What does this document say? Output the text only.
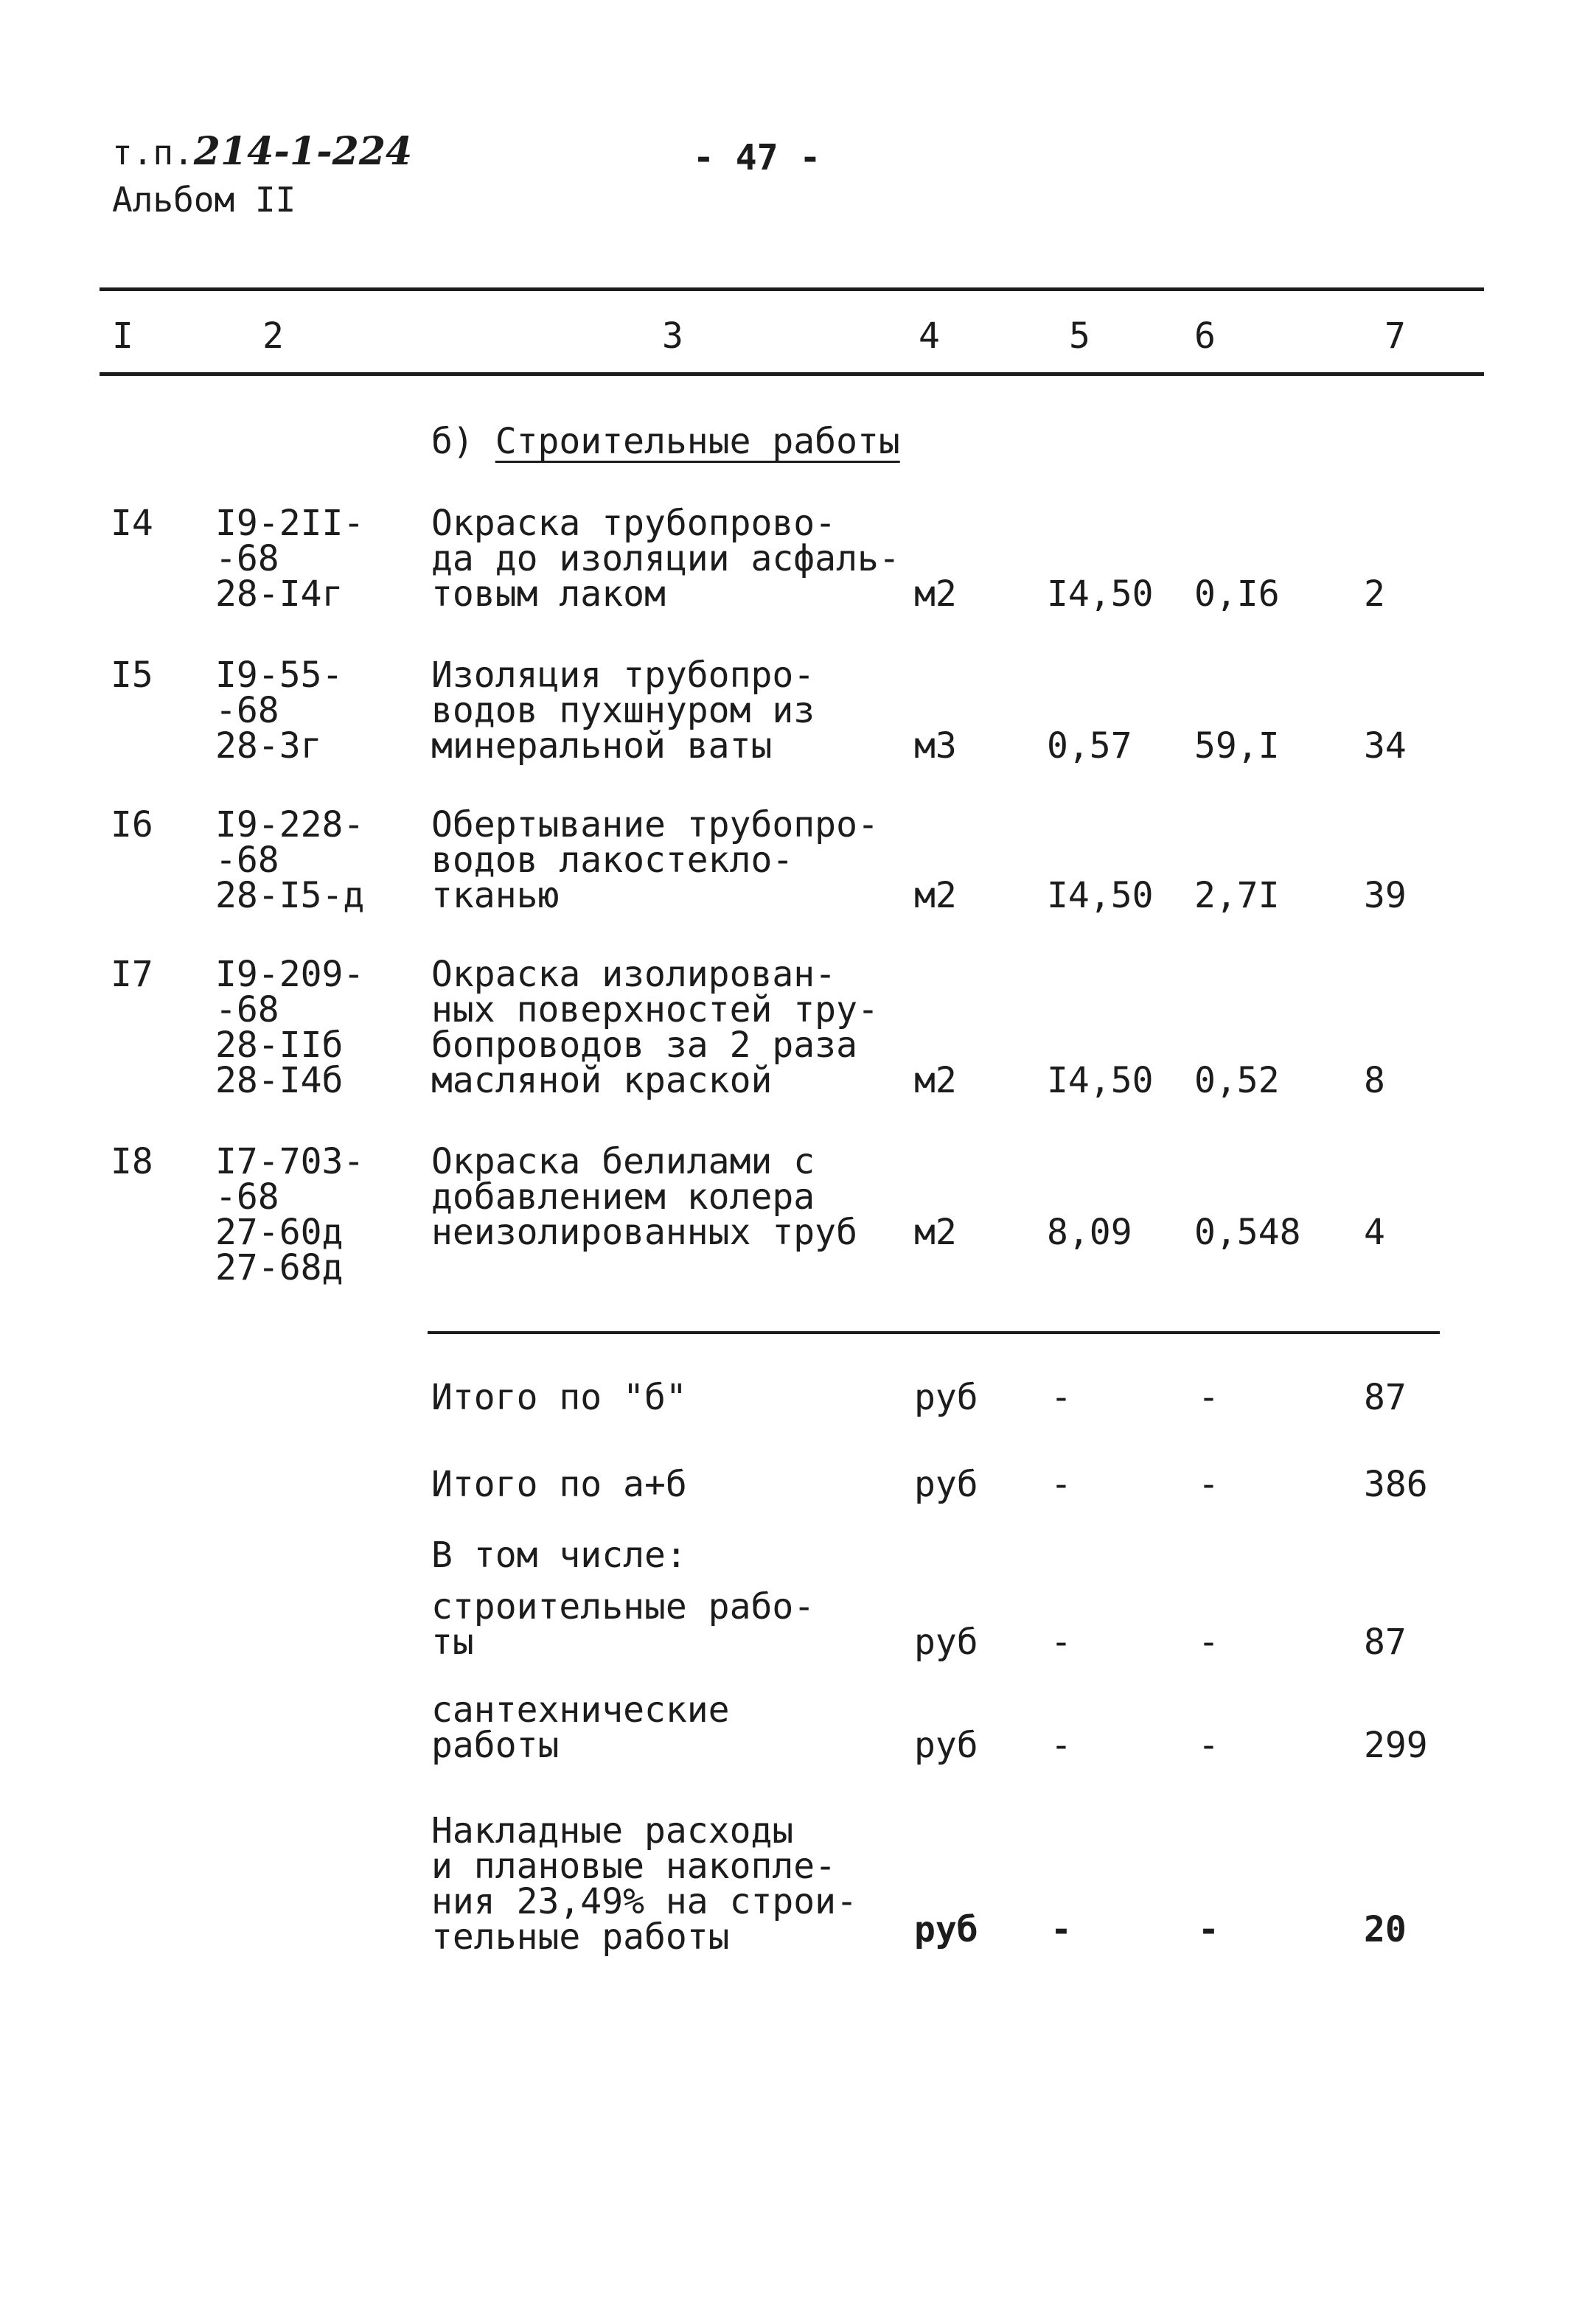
т.п.214-1-224
Альбом II
- 47 -
I	2	3	4	5	6	7
б) Строительные работы
I4 I9-2II-
-68
28-I4г
Окраска трубопрово-
да до изоляции асфаль-
товым лаком	м2	I4,50 0,I6 2
I5 I9-55-
-68
28-3г
Изоляция трубопро-
водов пухшнуром из
минеральной ваты	м3	0,57 59,I 34
I6 I9-228-
-68
28-I5-д
Обертывание трубопро-
водов лакостекло-
тканью	м2	I4,50 2,7I 39
I7 I9-209-
-68
28-IIб
28-I4б
Окраска изолирован-
ных поверхностей тру-
бопроводов за 2 раза
масляной краской	м2	I4,50 0,52 8
I8 I7-703-
-68
27-60д
27-68д
Окраска белилами с
добавлением колера
неизолированных труб м2	8,09 0,548 4
Итого по "б"	руб -	-	87
Итого по а+б	руб -	-	386
В том числе:
строительные рабо-
ты	руб -	-	87
сантехнические
работы	руб -	-	299
Накладные расходы
и плановые накопле-
ния 23,49% на строи-
тельные работы	руб -	-	20
